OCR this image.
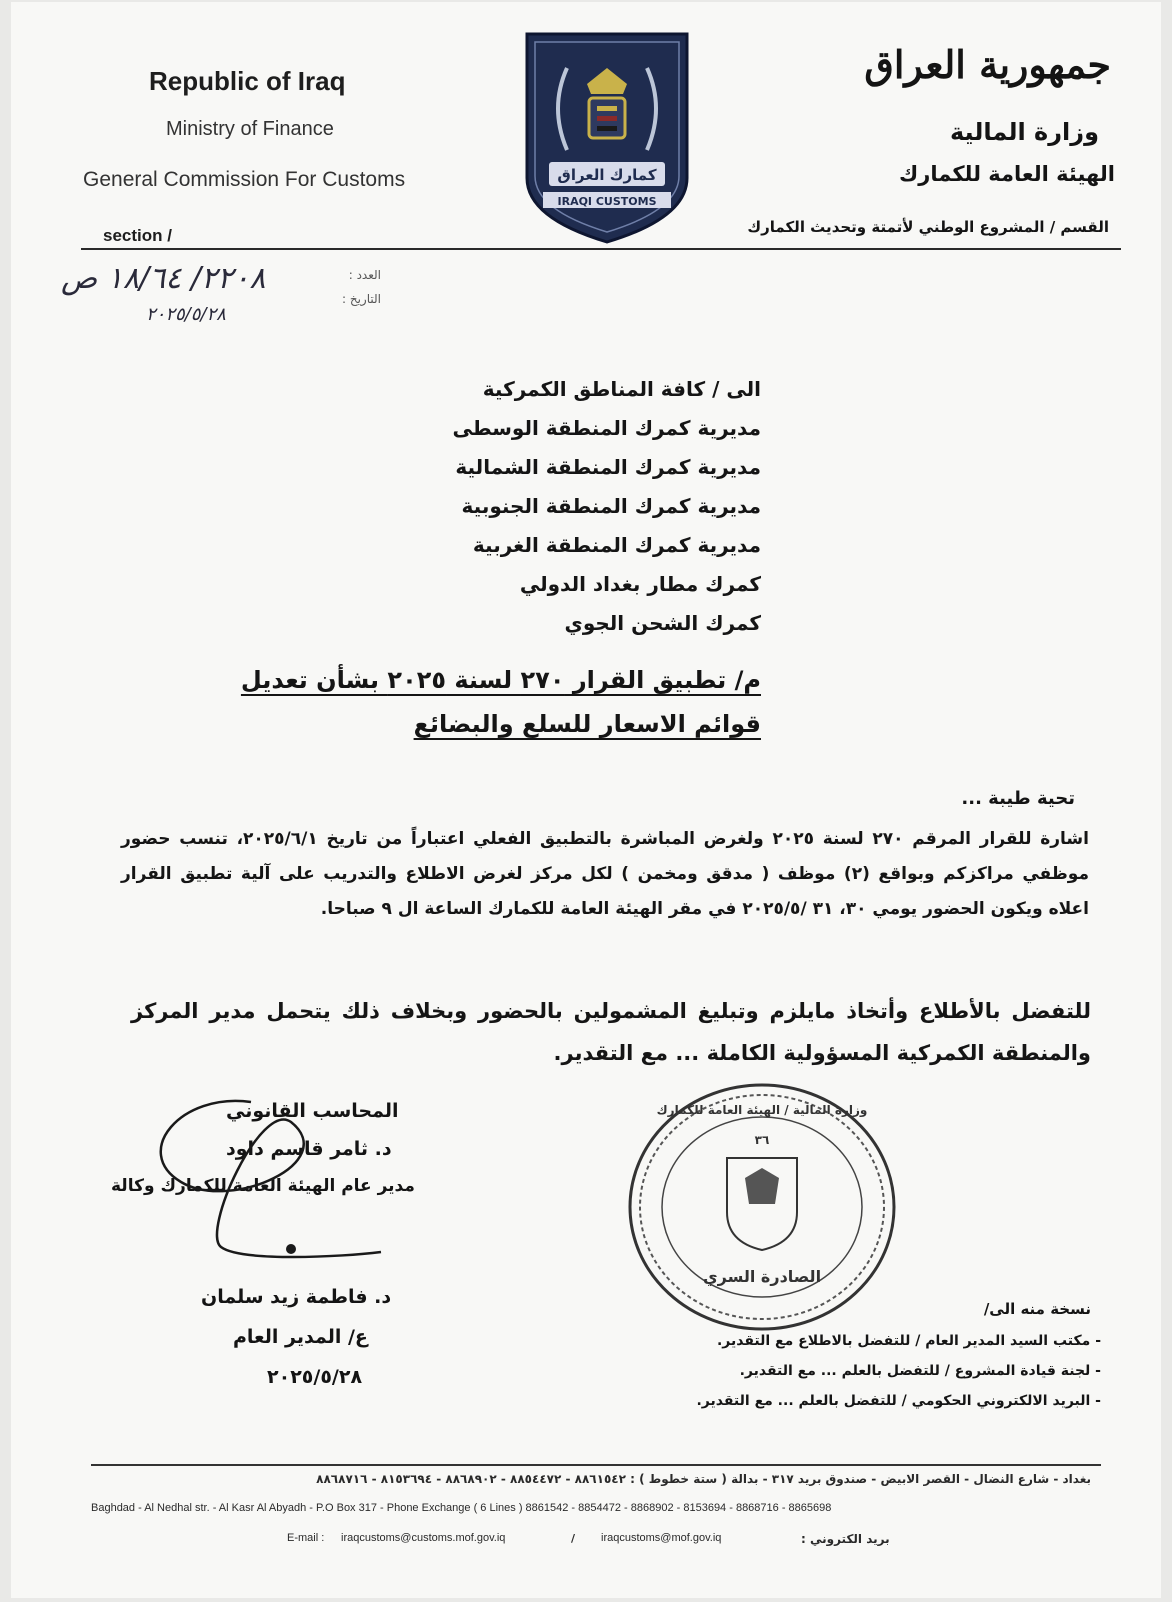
Republic of Iraq
Ministry of Finance
General Commission For Customs
section /
كمارك العراق
IRAQI CUSTOMS
جمهورية العراق
وزارة المالية
الهيئة العامة للكمارك
القسم / المشروع الوطني لأتمتة وتحديث الكمارك
٢٢٠٨/ ١٨/٦٤ ص
٢٠٢٥/٥/٢٨
العدد :
التاريخ :
الى / كافة المناطق الكمركية
مديرية كمرك المنطقة الوسطى
مديرية كمرك المنطقة الشمالية
مديرية كمرك المنطقة الجنوبية
مديرية كمرك المنطقة الغربية
كمرك مطار بغداد الدولي
كمرك الشحن الجوي
م/ تطبيق القرار ٢٧٠ لسنة ٢٠٢٥ بشأن تعديل
قوائم الاسعار للسلع والبضائع
تحية طيبة ...
اشارة للقرار المرقم ٢٧٠ لسنة ٢٠٢٥ ولغرض المباشرة بالتطبيق الفعلي اعتباراً من تاريخ ٢٠٢٥/٦/١، تنسب حضور موظفي مراكزكم وبواقع (٢) موظف ( مدقق ومخمن ) لكل مركز لغرض الاطلاع والتدريب على آلية تطبيق القرار اعلاه ويكون الحضور يومي ٣٠، ٣١ /٢٠٢٥/٥ في مقر الهيئة العامة للكمارك الساعة ال ٩ صباحا.
للتفضل بالأطلاع وأتخاذ مايلزم وتبليغ المشمولين بالحضور وبخلاف ذلك يتحمل مدير المركز والمنطقة الكمركية المسؤولية الكاملة ... مع التقدير.
المحاسب القانوني
د. ثامر قاسم داود
مدير عام الهيئة العامة للكمارك وكالة
د. فاطمة زيد سلمان
ع/ المدير العام
٢٠٢٥/٥/٢٨
٣٦
وزارة المالية / الهيئة العامة للكمارك
الصادرة السري
نسخة منه الى/
- مكتب السيد المدير العام / للتفضل بالاطلاع مع التقدير.
- لجنة قيادة المشروع / للتفضل بالعلم ... مع التقدير.
- البريد الالكتروني الحكومي / للتفضل بالعلم ... مع التقدير.
بغداد - شارع النضال - القصر الابيض - صندوق بريد ٣١٧ - بدالة ( ستة خطوط ) : ٨٨٦١٥٤٢ - ٨٨٥٤٤٧٢ - ٨٨٦٨٩٠٢ - ٨١٥٣٦٩٤ - ٨٨٦٨٧١٦
Baghdad - Al Nedhal str. - Al Kasr Al Abyadh - P.O Box 317 - Phone Exchange ( 6 Lines ) 8861542 - 8854472 - 8868902 - 8153694 - 8868716 - 8865698
E-mail : iraqcustoms@customs.mof.gov.iq	/ iraqcustoms@mof.gov.iq	بريد الكتروني :
